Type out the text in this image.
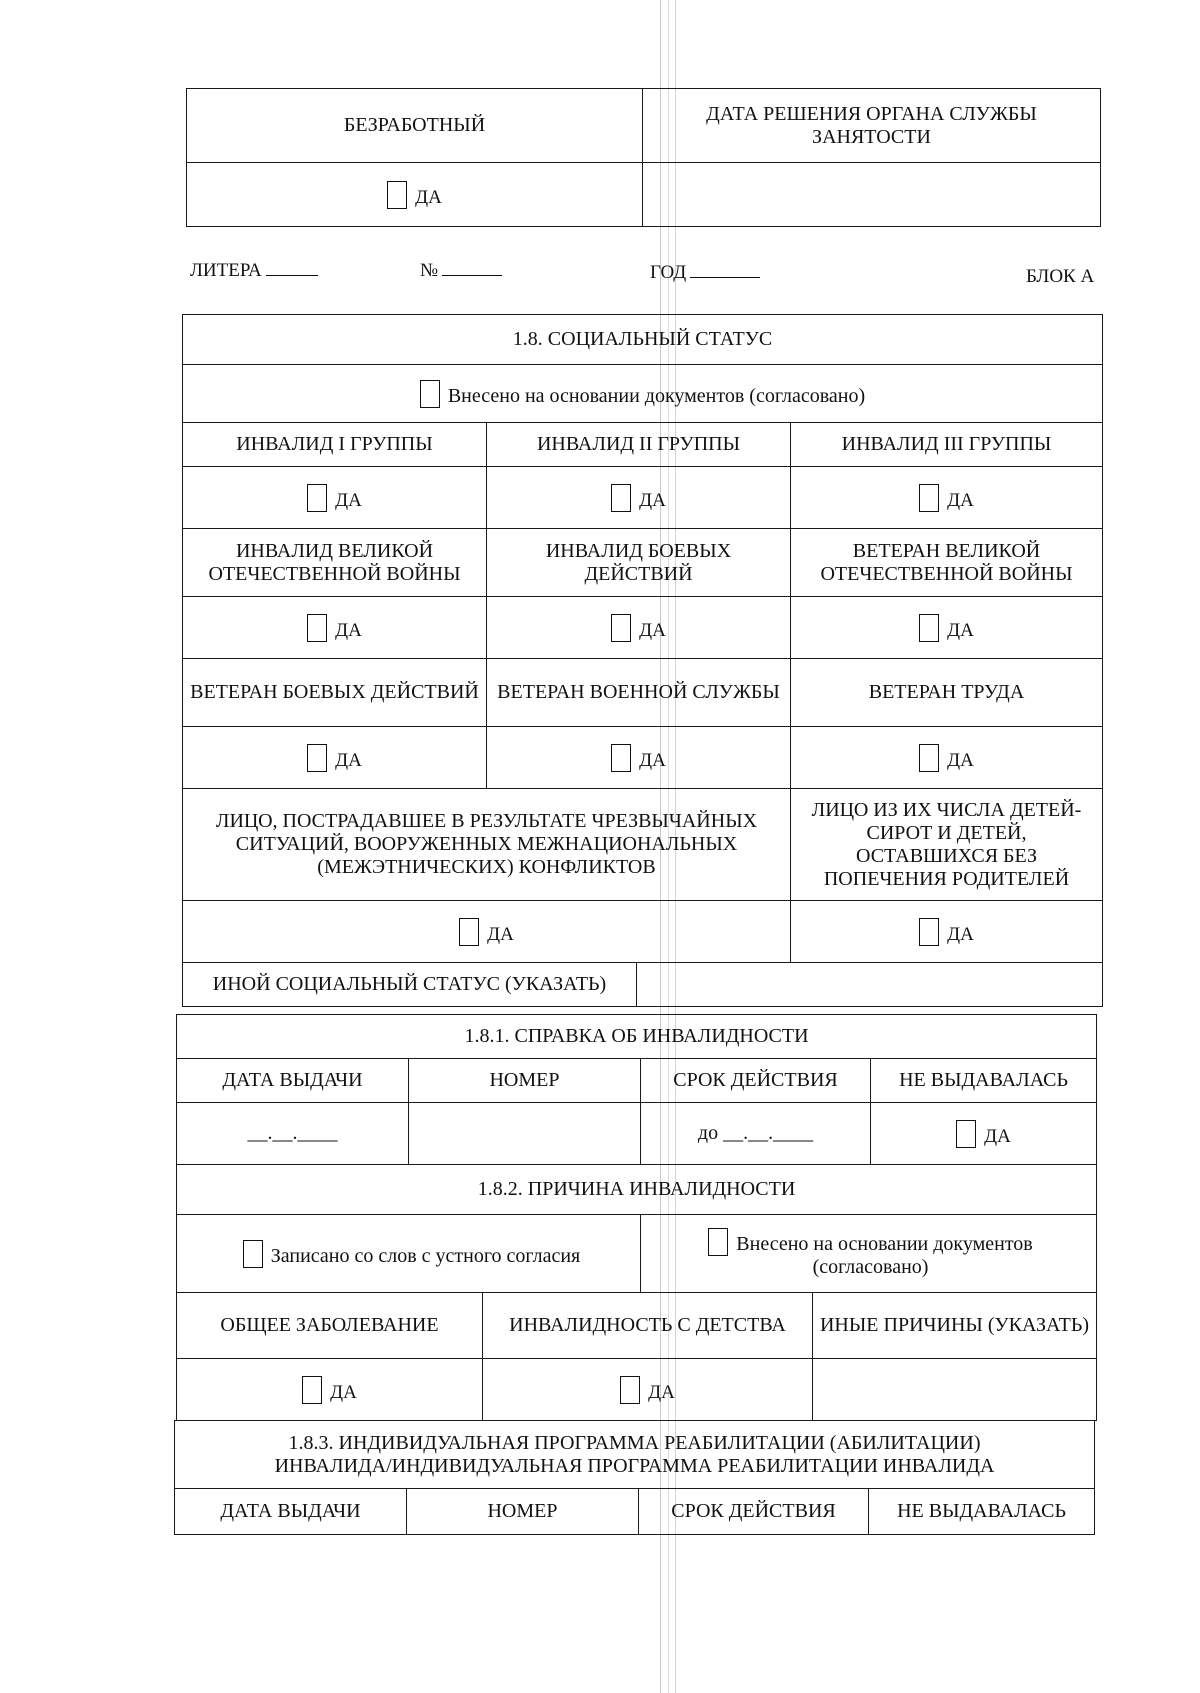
БЕЗРАБОТНЫЙ	ДАТА РЕШЕНИЯ ОРГАНА СЛУЖБЫ ЗАНЯТОСТИ
ДА	
ЛИТЕРА	№	ГОД	БЛОК А
1.8. СОЦИАЛЬНЫЙ СТАТУС			
Внесено на основании документов (согласовано)			
ИНВАЛИД I ГРУППЫ	ИНВАЛИД II ГРУППЫ		ИНВАЛИД III ГРУППЫ
ДА	ДА		ДА
ИНВАЛИД ВЕЛИКОЙ ОТЕЧЕСТВЕННОЙ ВОЙНЫ	ИНВАЛИД БОЕВЫХ ДЕЙСТВИЙ		ВЕТЕРАН ВЕЛИКОЙ ОТЕЧЕСТВЕННОЙ ВОЙНЫ
ДА	ДА		ДА
ВЕТЕРАН БОЕВЫХ ДЕЙСТВИЙ	ВЕТЕРАН ВОЕННОЙ СЛУЖБЫ		ВЕТЕРАН ТРУДА
ДА	ДА		ДА
ЛИЦО, ПОСТРАДАВШЕЕ В РЕЗУЛЬТАТЕ ЧРЕЗВЫЧАЙНЫХ СИТУАЦИЙ, ВООРУЖЕННЫХ МЕЖНАЦИОНАЛЬНЫХ (МЕЖЭТНИЧЕСКИХ) КОНФЛИКТОВ			ЛИЦО ИЗ ИХ ЧИСЛА ДЕТЕЙ-СИРОТ И ДЕТЕЙ, ОСТАВШИХСЯ БЕЗ ПОПЕЧЕНИЯ РОДИТЕЛЕЙ
ДА			ДА
ИНОЙ СОЦИАЛЬНЫЙ СТАТУС (УКАЗАТЬ)			
1.8.1. СПРАВКА ОБ ИНВАЛИДНОСТИ			
ДАТА ВЫДАЧИ	НОМЕР	СРОК ДЕЙСТВИЯ	НЕ ВЫДАВАЛАСЬ
__.__.____		до __.__.____	ДА
1.8.2. ПРИЧИНА ИНВАЛИДНОСТИ			
Записано со слов с устного согласия		Внесено на основании документов (согласовано)	
ОБЩЕЕ ЗАБОЛЕВАНИЕ	ИНВАЛИДНОСТЬ С ДЕТСТВА	ИНЫЕ ПРИЧИНЫ (УКАЗАТЬ)
ДА	ДА	
1.8.3. ИНДИВИДУАЛЬНАЯ ПРОГРАММА РЕАБИЛИТАЦИИ (АБИЛИТАЦИИ) ИНВАЛИДА/ИНДИВИДУАЛЬНАЯ ПРОГРАММА РЕАБИЛИТАЦИИ ИНВАЛИДА
ДАТА ВЫДАЧИ	НОМЕР	СРОК ДЕЙСТВИЯ	НЕ ВЫДАВАЛАСЬ
